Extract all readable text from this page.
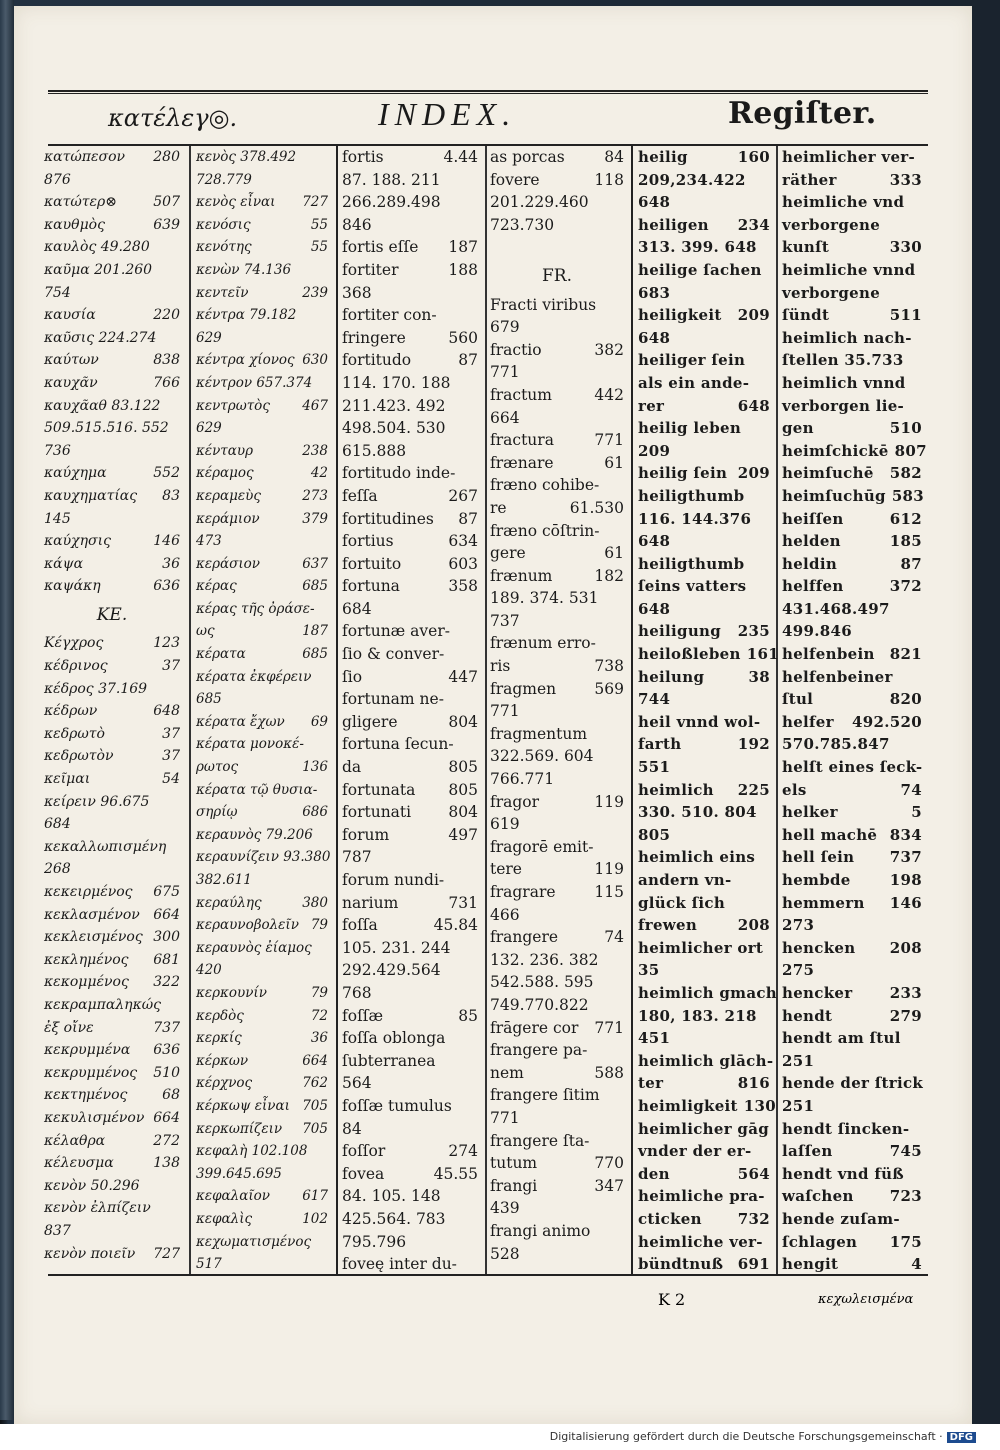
κατέλεγ◎.	INDEX.	Regiſter.
κατώπεσον 280
876
κατώτερ⊗	507
καυθμὸς	639
καυλὸς 49.280
καῦμα 201.260
754
καυσία	220
καῦσις 224.274
καύτων	838
καυχᾶν	766
καυχᾶαθ 83.122
509.515.516. 552
736
καύχημα	552
καυχηματίας 83
145
καύχησις	146
κάψα	36
καψάκη	636
KE.
Κέγχρος	123
κέδρινος	37
κέδρος 37.169
κέδρων	648
κεδρωτὸ	37
κεδρωτὸν	37
κεῖμαι	54
κείρειν 96.675
684
κεκαλλωπισμένη
268
κεκειρμένος 675
κεκλασμένον 664
κεκλεισμένος 300
κεκλημένος 681
κεκομμένος 322
κεκραμπαληκώς
ἐξ οἴνε	737
κεκρυμμένα 636
κεκρυμμένος 510
κεκτημένος 68
κεκυλισμένον 664
κέλαθρα	272
κέλευσμα	138
κενὸν 50.296
κενὸν ἐλπίζειν
837
κενὸν ποιεῖν 727
κενὸς 378.492
728.779
κενὸς εἶναι 727
κενόσις	55
κενότης	55
κενὼν 74.136
κεντεῖν	239
κέντρα 79.182
629
κέντρα χίονος 630
κέντρον 657.374
κεντρωτὸς 467
629
κένταυρ	238
κέραμος	42
κεραμεὺς	273
κεράμιον	379
473
κεράσιον	637
κέρας	685
κέρας τῆς ὀράσε-
ως	187
κέρατα	685
κέρατα ἐκφέρειν
685
κέρατα ἔχων 69
κέρατα μονοκέ-
ρωτος	136
κέρατα τῷ θυσια-
σηρίῳ	686
κεραυνὸς 79.206
κεραυνίζειν 93.380
382.611
κεραύλης	380
κεραυνοβολεῖν 79
κεραυνὸς ἐίαμος
420
κερκουνίν	79
κερδὸς	72
κερκίς	36
κέρκων	664
κέρχνος	762
κέρκωψ εἶναι 705
κερκωπίζειν 705
κεφαλὴ 102.108
399.645.695
κεφαλαῖον 617
κεφαλὶς	102
κεχωματισμένος
517
fortis	4.44
87. 188. 211
266.289.498
846
fortis eſſe 187
fortiter	188
368
fortiter con-
fringere	560
fortitudo	87
114. 170. 188
211.423. 492
498.504. 530
615.888
fortitudo inde-
feſſa	267
fortitudines 87
fortius	634
fortuito	603
fortuna	358
684
fortunæ aver-
ſio & conver-
ſio	447
fortunam ne-
gligere	804
fortuna ſecun-
da	805
fortunata 805
fortunati 804
forum	497
787
forum nundi-
narium	731
foſſa	45.84
105. 231. 244
292.429.564
768
foſſæ	85
foſſa oblonga
ſubterranea
564
foſſæ tumulus
84
foſſor	274
fovea	45.55
84. 105. 148
425.564. 783
795.796
foveę inter du-
as porcas	84
fovere	118
201.229.460
723.730

FR.
Fracti viribus
679
fractio	382
771
fractum	442
664
fractura	771
frænare	61
fræno cohibe-
re	61.530
fræno cōſtrin-
gere	61
frænum	182
189. 374. 531
737
frænum erro-
ris	738
fragmen 569
771
fragmentum
322.569. 604
766.771
fragor	119
619
fragorē emit-
tere	119
fragrare	115
466
frangere	74
132. 236. 382
542.588. 595
749.770.822
frāgere cor 771
frangere pa-
nem	588
frangere ſitim
771
frangere ſta-
tutum	770
frangi	347
439
frangi animo
528
heilig	160
209,234.422
648
heiligen 234
313. 399. 648
heilige ſachen
683
heiligkeit 209
648
heiliger ſein
als ein ande-
rer	648
heilig leben
209
heilig ſein 209
heiligthumb
116. 144.376
648
heiligthumb
ſeins vatters
648
heiligung 235
heiloßleben 161
heilung	38
744
heil vnnd wol-
farth	192
551
heimlich 225
330. 510. 804
805
heimlich eins
andern vn-
glück ſich
frewen	208
heimlicher ort
35
heimlich gmach
180, 183. 218
451
heimlich glāch-
ter	816
heimligkeit 130
heimlicher gāg
vnder der er-
den	564
heimliche pra-
cticken 732
heimliche ver-
bündtnuß 691
heimlicher ver-
räther	333
heimliche vnd
verborgene
kunſt	330
heimliche vnnd
verborgene
ſündt	511
heimlich nach-
ſtellen 35.733
heimlich vnnd
verborgen lie-
gen	510
heimſchickē 807
heimſuchē 582
heimſuchūg 583
heiſſen	612
helden	185
heldin	87
helffen	372
431.468.497
499.846
helfenbein 821
helfenbeiner
ſtul	820
helfer 492.520
570.785.847
helſt eines ſeck-
els	74
helker	5
hell machē 834
hell ſein 737
hembde	198
hemmern 146
273
hencken 208
275
hencker 233
hendt	279
hendt am ſtul
251
hende der ſtrick
251
hendt ſincken-
laſſen	745
hendt vnd füß
waſchen 723
hende zuſam-
ſchlagen 175
hengit	4
K 2	κεχωλεισμένα
Digitalisierung gefördert durch die Deutsche Forschungsgemeinschaft · DFG
